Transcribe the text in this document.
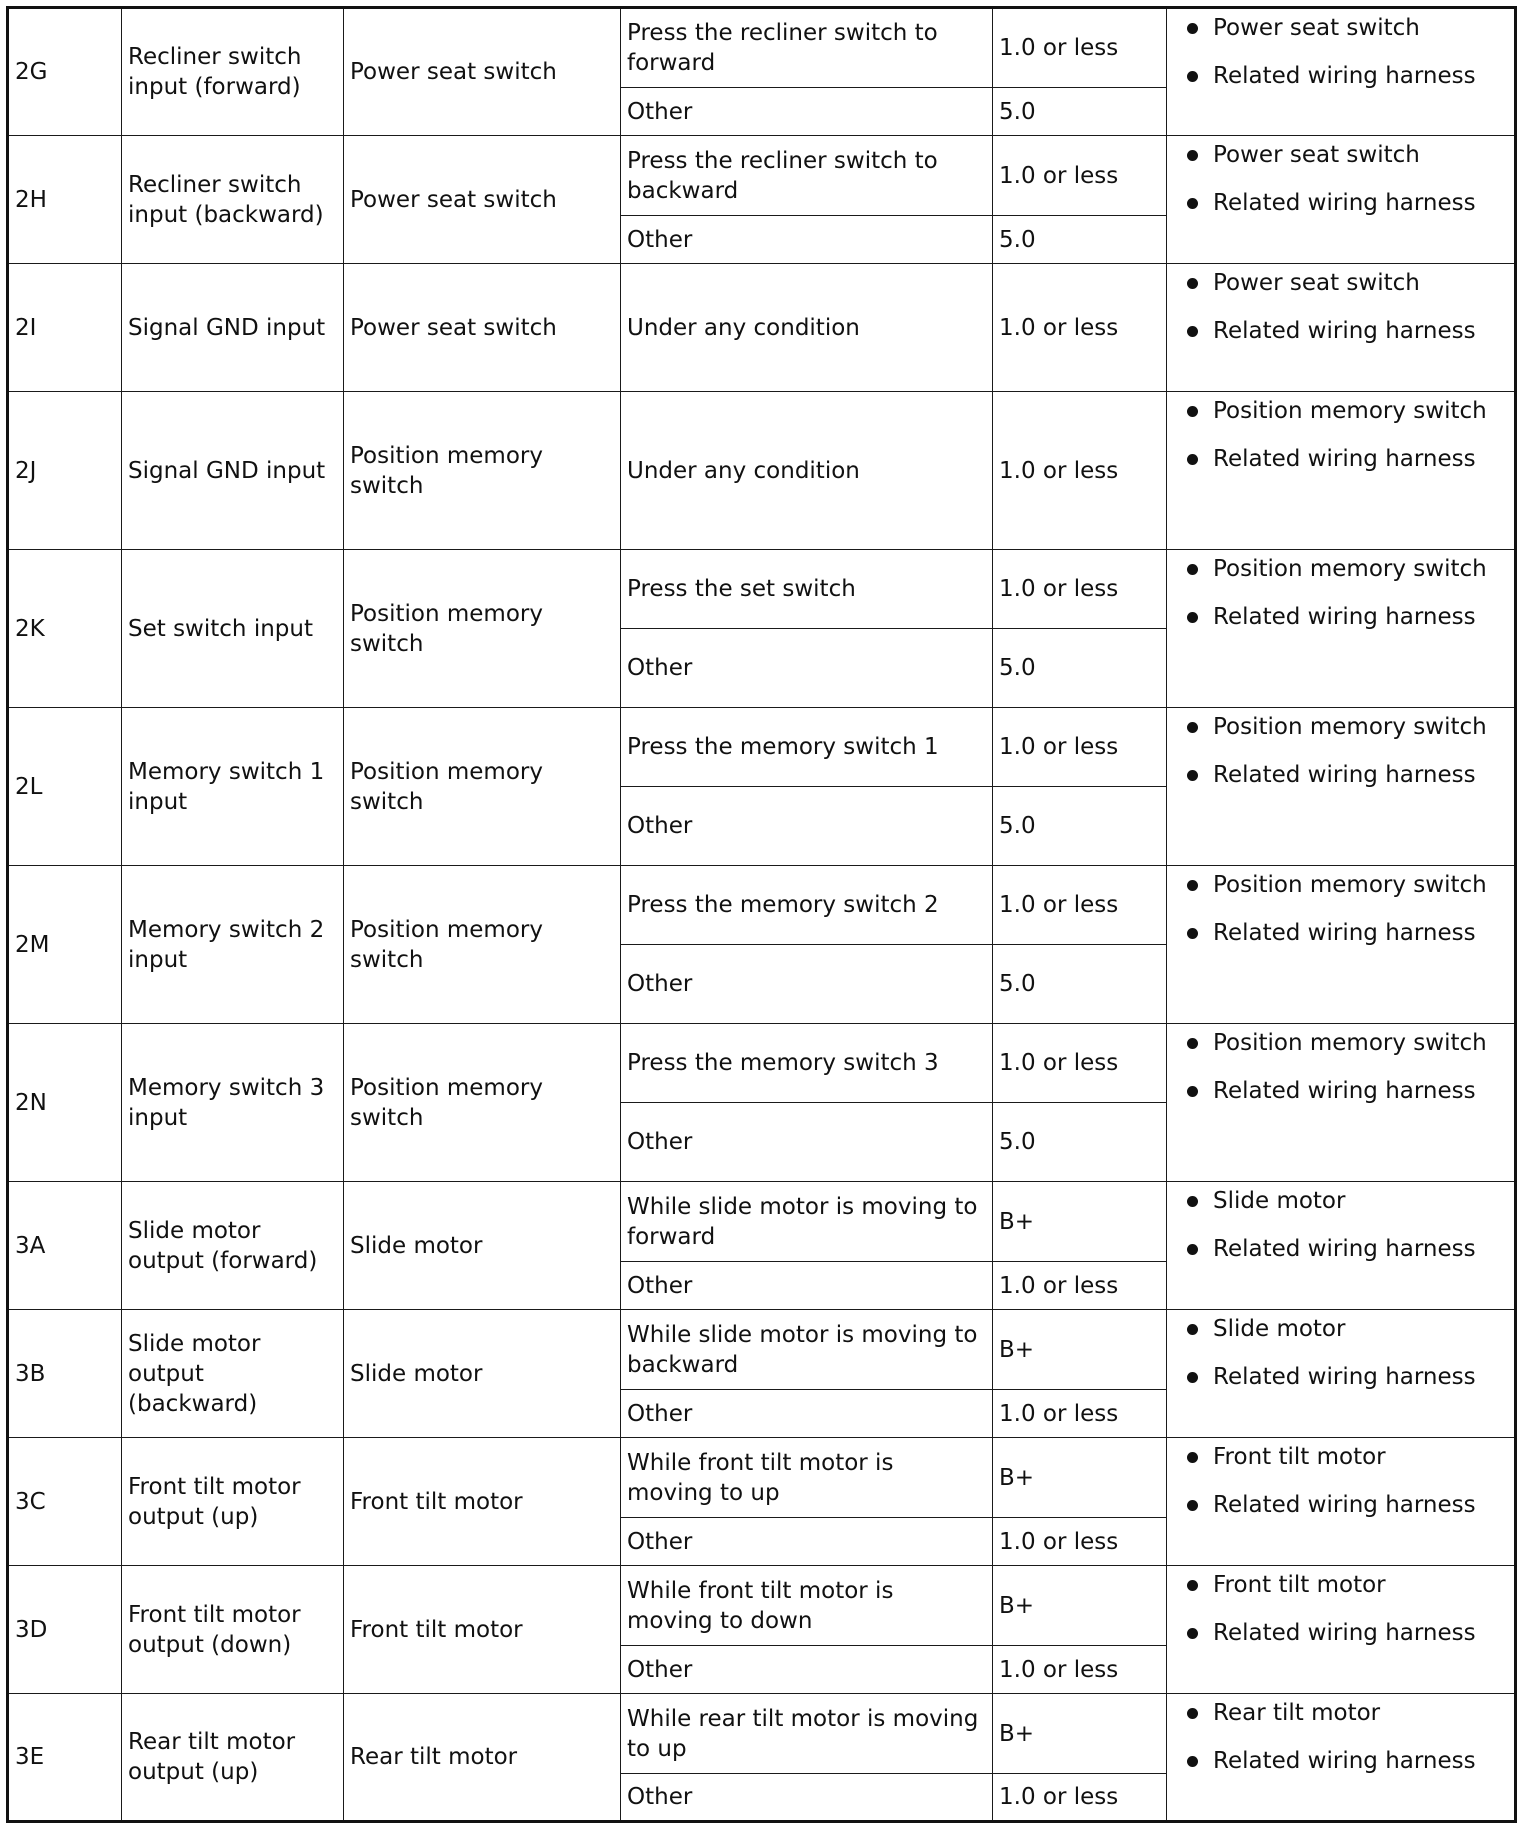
2G	Recliner switch input (forward)	Power seat switch	Press the recliner switch to forward	1.0 or less	Power seat switch
Related wiring harness

			Other	5.0	
2H	Recliner switch input (backward)	Power seat switch	Press the recliner switch to backward	1.0 or less	Power seat switch
Related wiring harness

			Other	5.0	
2I	Signal GND input	Power seat switch	Under any condition	1.0 or less	Power seat switch
Related wiring harness

2J	Signal GND input	Position memory switch	Under any condition	1.0 or less	Position memory switch
Related wiring harness

2K	Set switch input	Position memory switch	Press the set switch	1.0 or less	Position memory switch
Related wiring harness

			Other	5.0	
2L	Memory switch 1 input	Position memory switch	Press the memory switch 1	1.0 or less	Position memory switch
Related wiring harness

			Other	5.0	
2M	Memory switch 2 input	Position memory switch	Press the memory switch 2	1.0 or less	Position memory switch
Related wiring harness

			Other	5.0	
2N	Memory switch 3 input	Position memory switch	Press the memory switch 3	1.0 or less	Position memory switch
Related wiring harness

			Other	5.0	
3A	Slide motor output (forward)	Slide motor	While slide motor is moving to forward	B+	Slide motor
Related wiring harness

			Other	1.0 or less	
3B	Slide motor output (backward)	Slide motor	While slide motor is moving to backward	B+	Slide motor
Related wiring harness

			Other	1.0 or less	
3C	Front tilt motor output (up)	Front tilt motor	While front tilt motor is moving to up	B+	Front tilt motor
Related wiring harness

			Other	1.0 or less	
3D	Front tilt motor output (down)	Front tilt motor	While front tilt motor is moving to down	B+	Front tilt motor
Related wiring harness

			Other	1.0 or less	
3E	Rear tilt motor output (up)	Rear tilt motor	While rear tilt motor is moving to up	B+	Rear tilt motor
Related wiring harness

			Other	1.0 or less	
